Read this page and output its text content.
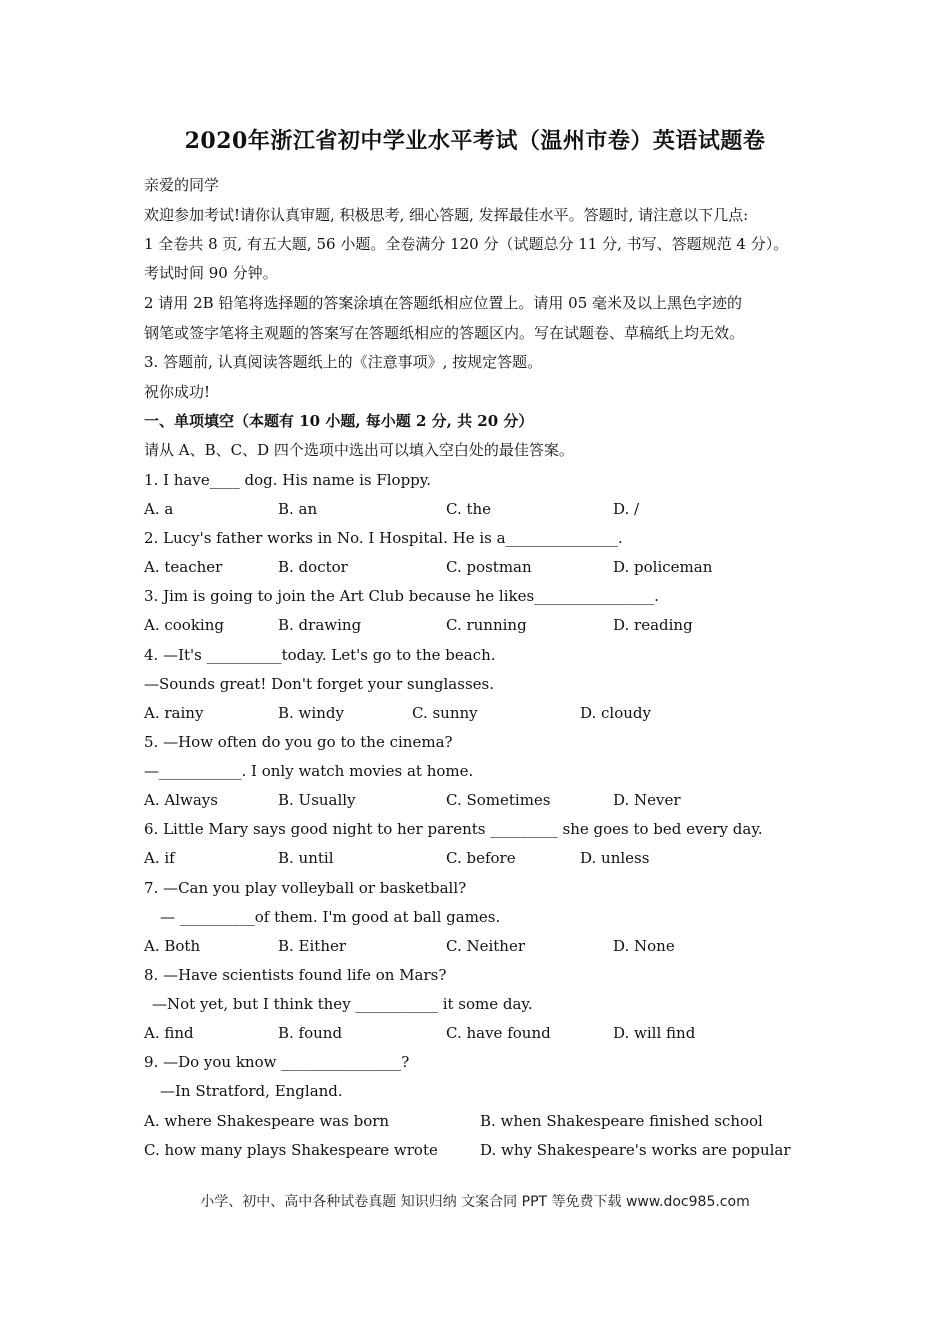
2020年浙江省初中学业水平考试（温州市卷）英语试题卷
亲爱的同学
欢迎参加考试!请你认真审题, 积极思考, 细心答题, 发挥最佳水平。答题时, 请注意以下几点:
1 全卷共 8 页, 有五大题, 56 小题。全卷满分 120 分（试题总分 11 分, 书写、答题规范 4 分）。
考试时间 90 分钟。
2 请用 2B 铅笔将选择题的答案涂填在答题纸相应位置上。请用 05 毫米及以上黑色字迹的
钢笔或签字笔将主观题的答案写在答题纸相应的答题区内。写在试题卷、草稿纸上均无效。
3. 答题前, 认真阅读答题纸上的《注意事项》, 按规定答题。
祝你成功!
一、单项填空（本题有 10 小题, 每小题 2 分, 共 20 分）
请从 A、B、C、D 四个选项中选出可以填入空白处的最佳答案。
1. I have____ dog. His name is Floppy.
A. a	B. an	C. the	D. /
2. Lucy's father works in No. I Hospital. He is a_______________.
A. teacher	B. doctor	C. postman	D. policeman
3. Jim is going to join the Art Club because he likes________________.
A. cooking	B. drawing	C. running	D. reading
4. —It's __________today. Let's go to the beach.
—Sounds great! Don't forget your sunglasses.
A. rainy	B. windy	C. sunny	D. cloudy
5. —How often do you go to the cinema?
—___________. I only watch movies at home.
A. Always	B. Usually	C. Sometimes	D. Never
6. Little Mary says good night to her parents _________ she goes to bed every day.
A. if	B. until	C. before	D. unless
7. —Can you play volleyball or basketball?
— __________of them. I'm good at ball games.
A. Both	B. Either	C. Neither	D. None
8. —Have scientists found life on Mars?
—Not yet, but I think they ___________ it some day.
A. find	B. found	C. have found	D. will find
9. —Do you know ________________?
—In Stratford, England.
A. where Shakespeare was born	B. when Shakespeare finished school
C. how many plays Shakespeare wrote	D. why Shakespeare's works are popular
小学、初中、高中各种试卷真题 知识归纳 文案合同 PPT 等免费下载 www.doc985.com
